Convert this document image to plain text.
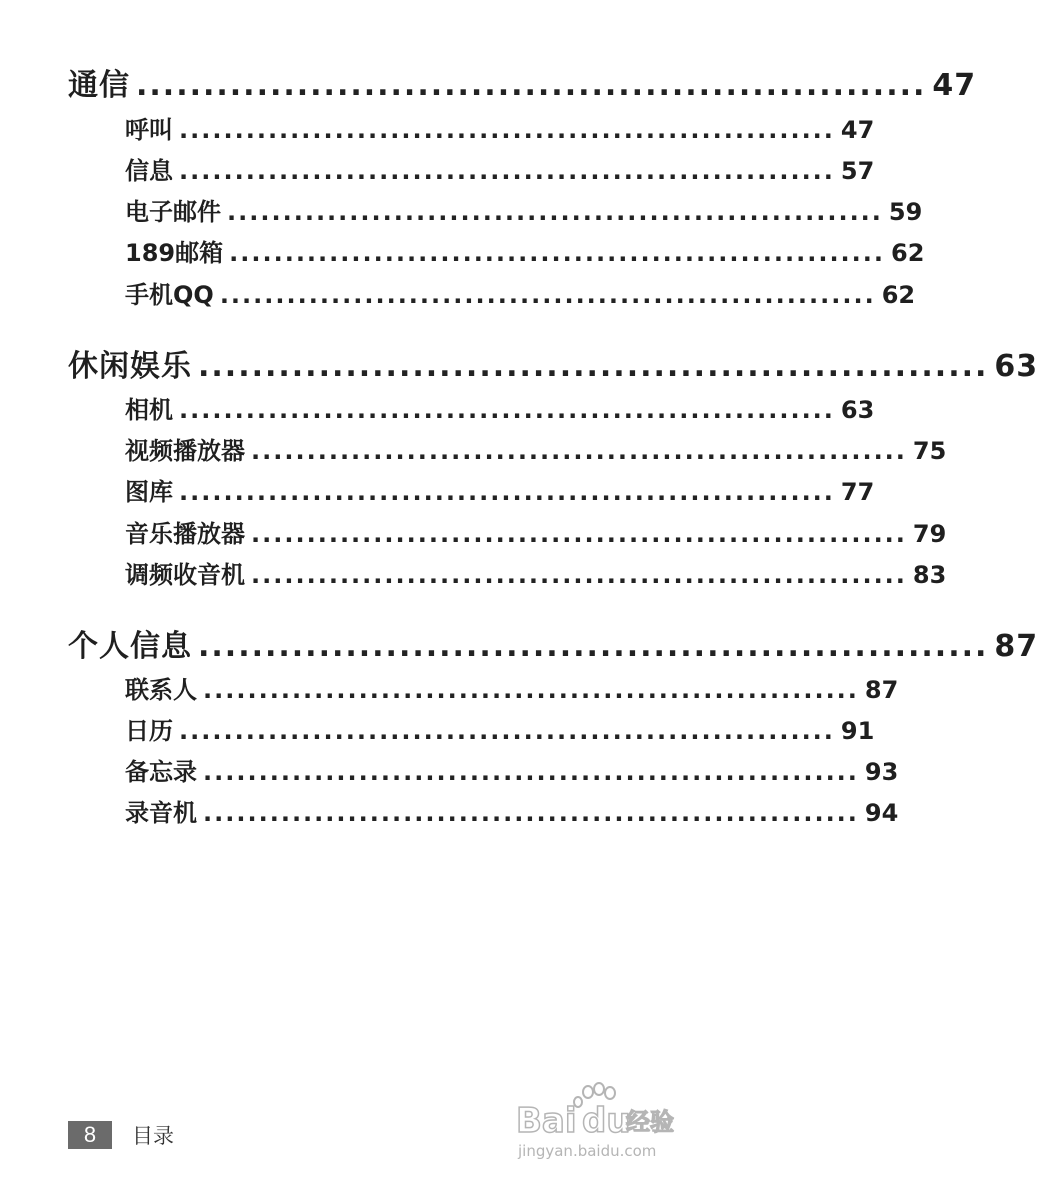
通信 ........................................................... 47
呼叫 ........................................................... 47
信息 ........................................................... 57
电子邮件 ........................................................... 59
189邮箱 ........................................................... 62
手机QQ ........................................................... 62
休闲娱乐 ........................................................... 63
相机 ........................................................... 63
视频播放器 ........................................................... 75
图库 ........................................................... 77
音乐播放器 ........................................................... 79
调频收音机 ........................................................... 83
个人信息 ........................................................... 87
联系人 ........................................................... 87
日历 ........................................................... 91
备忘录 ........................................................... 93
录音机 ........................................................... 94
8	目录	Bai du
经验
jingyan.baidu.com
